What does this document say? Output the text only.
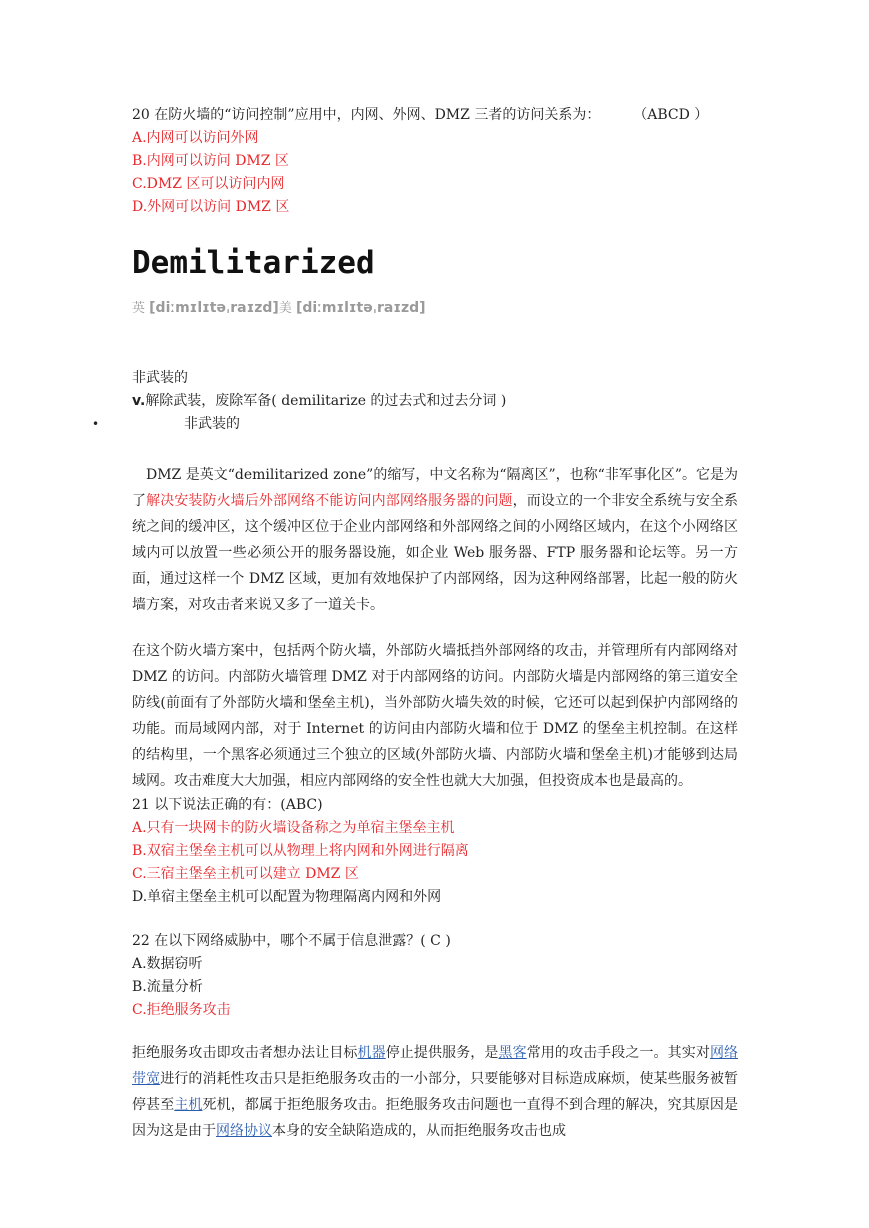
20 在防火墙的“访问控制”应用中，内网、外网、DMZ 三者的访问关系为： （ABCD ）
A.内网可以访问外网
B.内网可以访问 DMZ 区
C.DMZ 区可以访问内网
D.外网可以访问 DMZ 区
Demilitarized
英 [diːmɪlɪtəˌraɪzd]美 [diːmɪlɪtəˌraɪzd]
非武装的
v.解除武装，废除军备( demilitarize 的过去式和过去分词 )
•	非武装的

DMZ 是英文“demilitarized zone”的缩写，中文名称为“隔离区”，也称“非军事化区”。它是为了解决安装防火墙后外部网络不能访问内部网络服务器的问题，而设立的一个非安全系统与安全系统之间的缓冲区，这个缓冲区位于企业内部网络和外部网络之间的小网络区域内，在这个小网络区域内可以放置一些必须公开的服务器设施，如企业 Web 服务器、FTP 服务器和论坛等。另一方面，通过这样一个 DMZ 区域，更加有效地保护了内部网络，因为这种网络部署，比起一般的防火墙方案，对攻击者来说又多了一道关卡。

在这个防火墙方案中，包括两个防火墙，外部防火墙抵挡外部网络的攻击，并管理所有内部网络对 DMZ 的访问。内部防火墙管理 DMZ 对于内部网络的访问。内部防火墙是内部网络的第三道安全防线(前面有了外部防火墙和堡垒主机)，当外部防火墙失效的时候，它还可以起到保护内部网络的功能。而局域网内部，对于 Internet 的访问由内部防火墙和位于 DMZ 的堡垒主机控制。在这样的结构里，一个黑客必须通过三个独立的区域(外部防火墙、内部防火墙和堡垒主机)才能够到达局域网。攻击难度大大加强，相应内部网络的安全性也就大大加强，但投资成本也是最高的。

21 以下说法正确的有：(ABC)
A.只有一块网卡的防火墙设备称之为单宿主堡垒主机
B.双宿主堡垒主机可以从物理上将内网和外网进行隔离
C.三宿主堡垒主机可以建立 DMZ 区
D.单宿主堡垒主机可以配置为物理隔离内网和外网
22 在以下网络威胁中，哪个不属于信息泄露？( C )
A.数据窃听
B.流量分析
C.拒绝服务攻击

拒绝服务攻击即攻击者想办法让目标机器停止提供服务，是黑客常用的攻击手段之一。其实对网络带宽进行的消耗性攻击只是拒绝服务攻击的一小部分，只要能够对目标造成麻烦，使某些服务被暂停甚至主机死机，都属于拒绝服务攻击。拒绝服务攻击问题也一直得不到合理的解决，究其原因是因为这是由于网络协议本身的安全缺陷造成的，从而拒绝服务攻击也成
